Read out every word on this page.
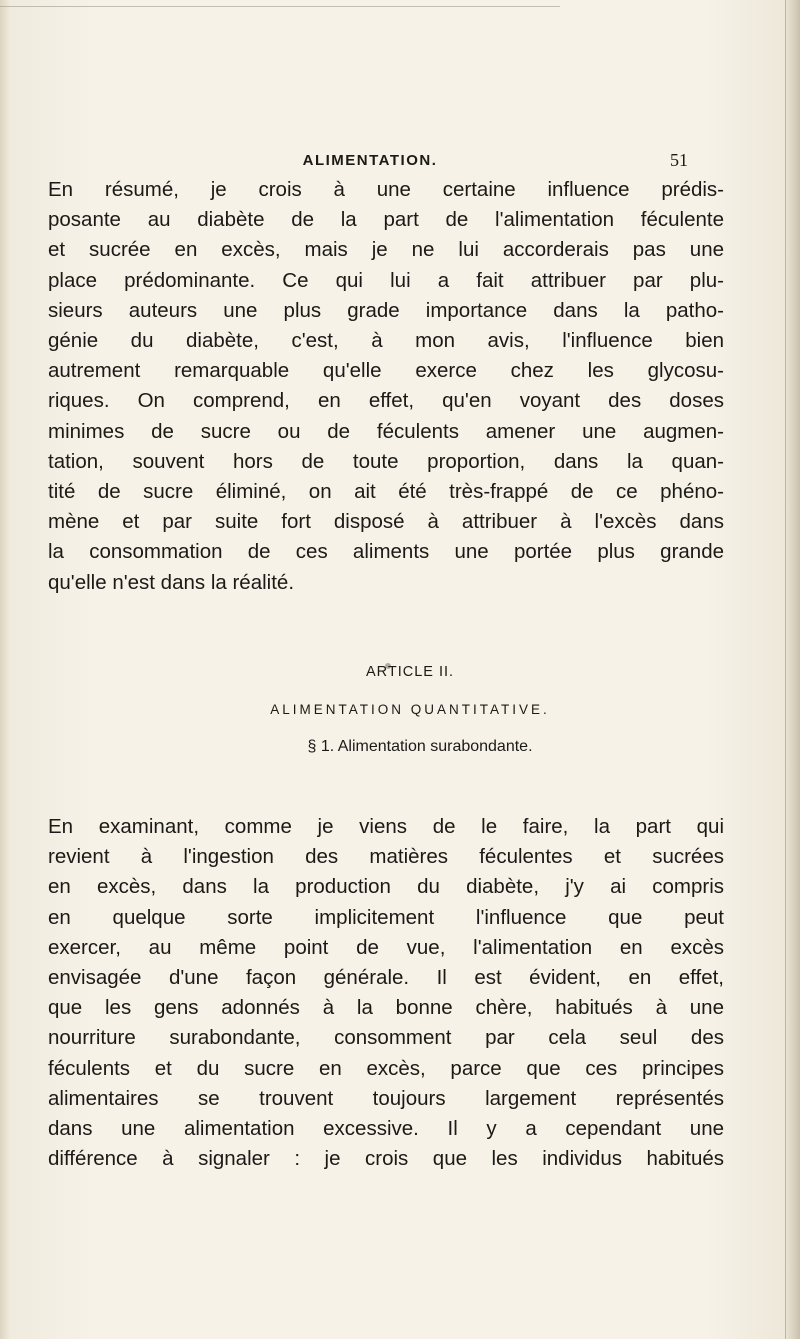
ALIMENTATION.	51
En résumé, je crois à une certaine influence prédis-
posante au diabète de la part de l'alimentation féculente
et sucrée en excès, mais je ne lui accorderais pas une
place prédominante. Ce qui lui a fait attribuer par plu-
sieurs auteurs une plus grade importance dans la patho-
génie du diabète, c'est, à mon avis, l'influence bien
autrement remarquable qu'elle exerce chez les glycosu-
riques. On comprend, en effet, qu'en voyant des doses
minimes de sucre ou de féculents amener une augmen-
tation, souvent hors de toute proportion, dans la quan-
tité de sucre éliminé, on ait été très-frappé de ce phéno-
mène et par suite fort disposé à attribuer à l'excès dans
la consommation de ces aliments une portée plus grande
qu'elle n'est dans la réalité.
ARTICLE II.
ALIMENTATION QUANTITATIVE.
§ 1. Alimentation surabondante.
En examinant, comme je viens de le faire, la part qui
revient à l'ingestion des matières féculentes et sucrées
en excès, dans la production du diabète, j'y ai compris
en quelque sorte implicitement l'influence que peut
exercer, au même point de vue, l'alimentation en excès
envisagée d'une façon générale. Il est évident, en effet,
que les gens adonnés à la bonne chère, habitués à une
nourriture surabondante, consomment par cela seul des
féculents et du sucre en excès, parce que ces principes
alimentaires se trouvent toujours largement représentés
dans une alimentation excessive. Il y a cependant une
différence à signaler : je crois que les individus habitués
